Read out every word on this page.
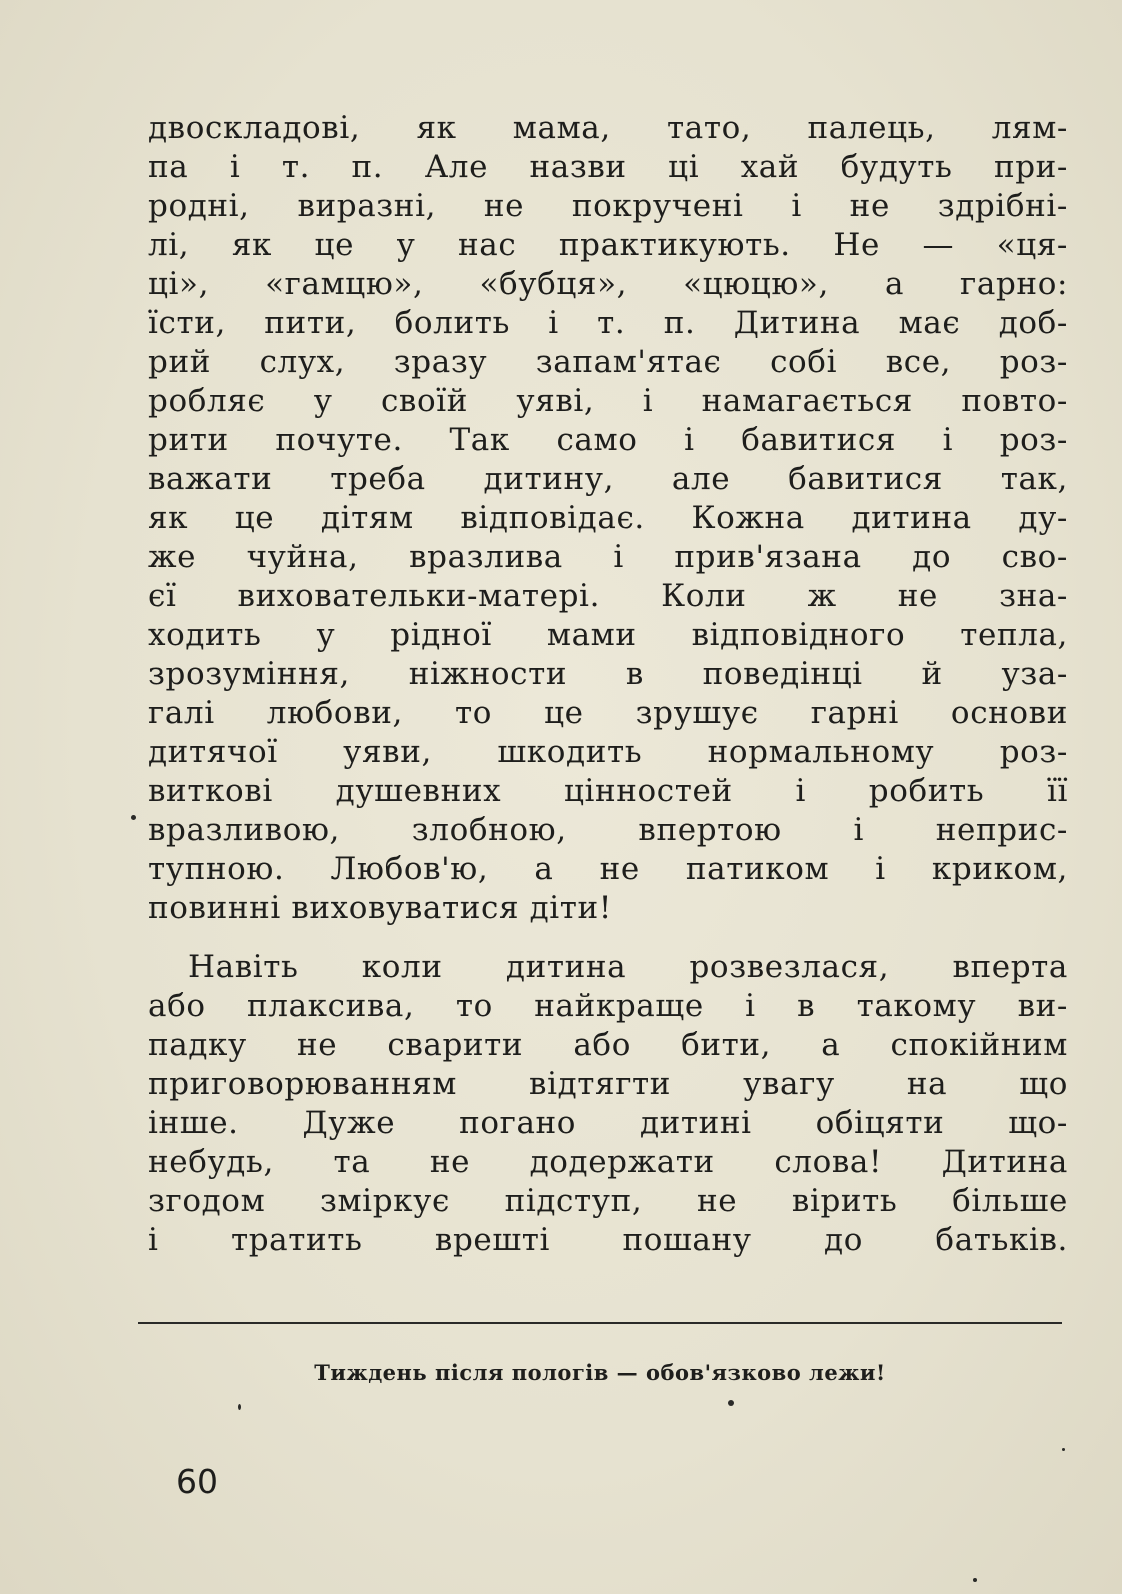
двоскладові, як мама, тато, палець, лям-
па і т. п. Але назви ці хай будуть при-
родні, виразні, не покручені і не здрібні-
лі, як це у нас практикують. Не — «ця-
ці», «гамцю», «бубця», «цюцю», а гарно:
їсти, пити, болить і т. п. Дитина має доб-
рий слух, зразу запам'ятає собі все, роз-
робляє у своїй уяві, і намагається повто-
рити почуте. Так само і бавитися і роз-
важати треба дитину, але бавитися так,
як це дітям відповідає. Кожна дитина ду-
же чуйна, вразлива і прив'язана до сво-
єї виховательки-матері. Коли ж не зна-
ходить у рідної мами відповідного тепла,
зрозуміння, ніжности в поведінці й уза-
галі любови, то це зрушує гарні основи
дитячої уяви, шкодить нормальному роз-
виткові душевних цінностей і робить її
вразливою, злобною, впертою і неприс-
тупною. Любов'ю, а не патиком і криком,
повинні виховуватися діти!
Навіть коли дитина розвезлася, вперта
або плаксива, то найкраще і в такому ви-
падку не сварити або бити, а спокійним
приговорюванням відтягти увагу на що
інше. Дуже погано дитині обіцяти що-
небудь, та не додержати слова! Дитина
згодом зміркує підступ, не вірить більше
і тратить врешті пошану до батьків.
Тиждень після пологів — обов'язково лежи!
60
